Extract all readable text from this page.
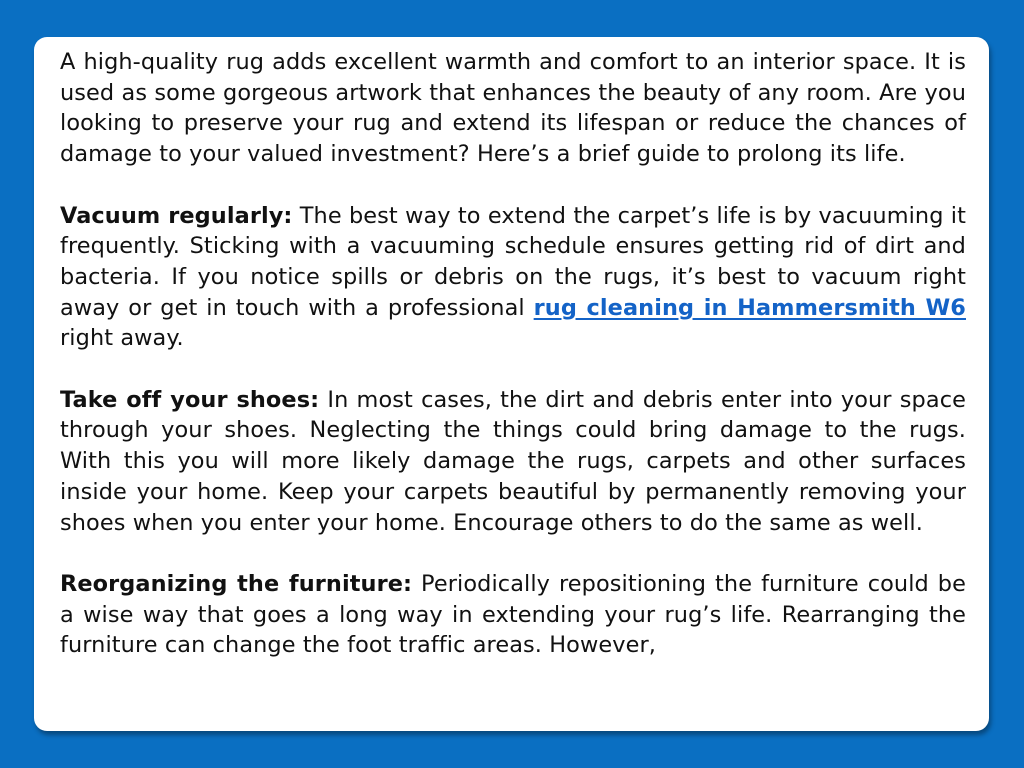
A high-quality rug adds excellent warmth and comfort to an interior space. It is used as some gorgeous artwork that enhances the beauty of any room. Are you looking to preserve your rug and extend its lifespan or reduce the chances of damage to your valued investment? Here’s a brief guide to prolong its life.

Vacuum regularly: The best way to extend the carpet’s life is by vacuuming it frequently. Sticking with a vacuuming schedule ensures getting rid of dirt and bacteria. If you notice spills or debris on the rugs, it’s best to vacuum right away or get in touch with a professional rug cleaning in Hammersmith W6 right away.

Take off your shoes: In most cases, the dirt and debris enter into your space through your shoes. Neglecting the things could bring damage to the rugs. With this you will more likely damage the rugs, carpets and other surfaces inside your home. Keep your carpets beautiful by permanently removing your shoes when you enter your home. Encourage others to do the same as well.

Reorganizing the furniture: Periodically repositioning the furniture could be a wise way that goes a long way in extending your rug’s life. Rearranging the furniture can change the foot traffic areas. However,
